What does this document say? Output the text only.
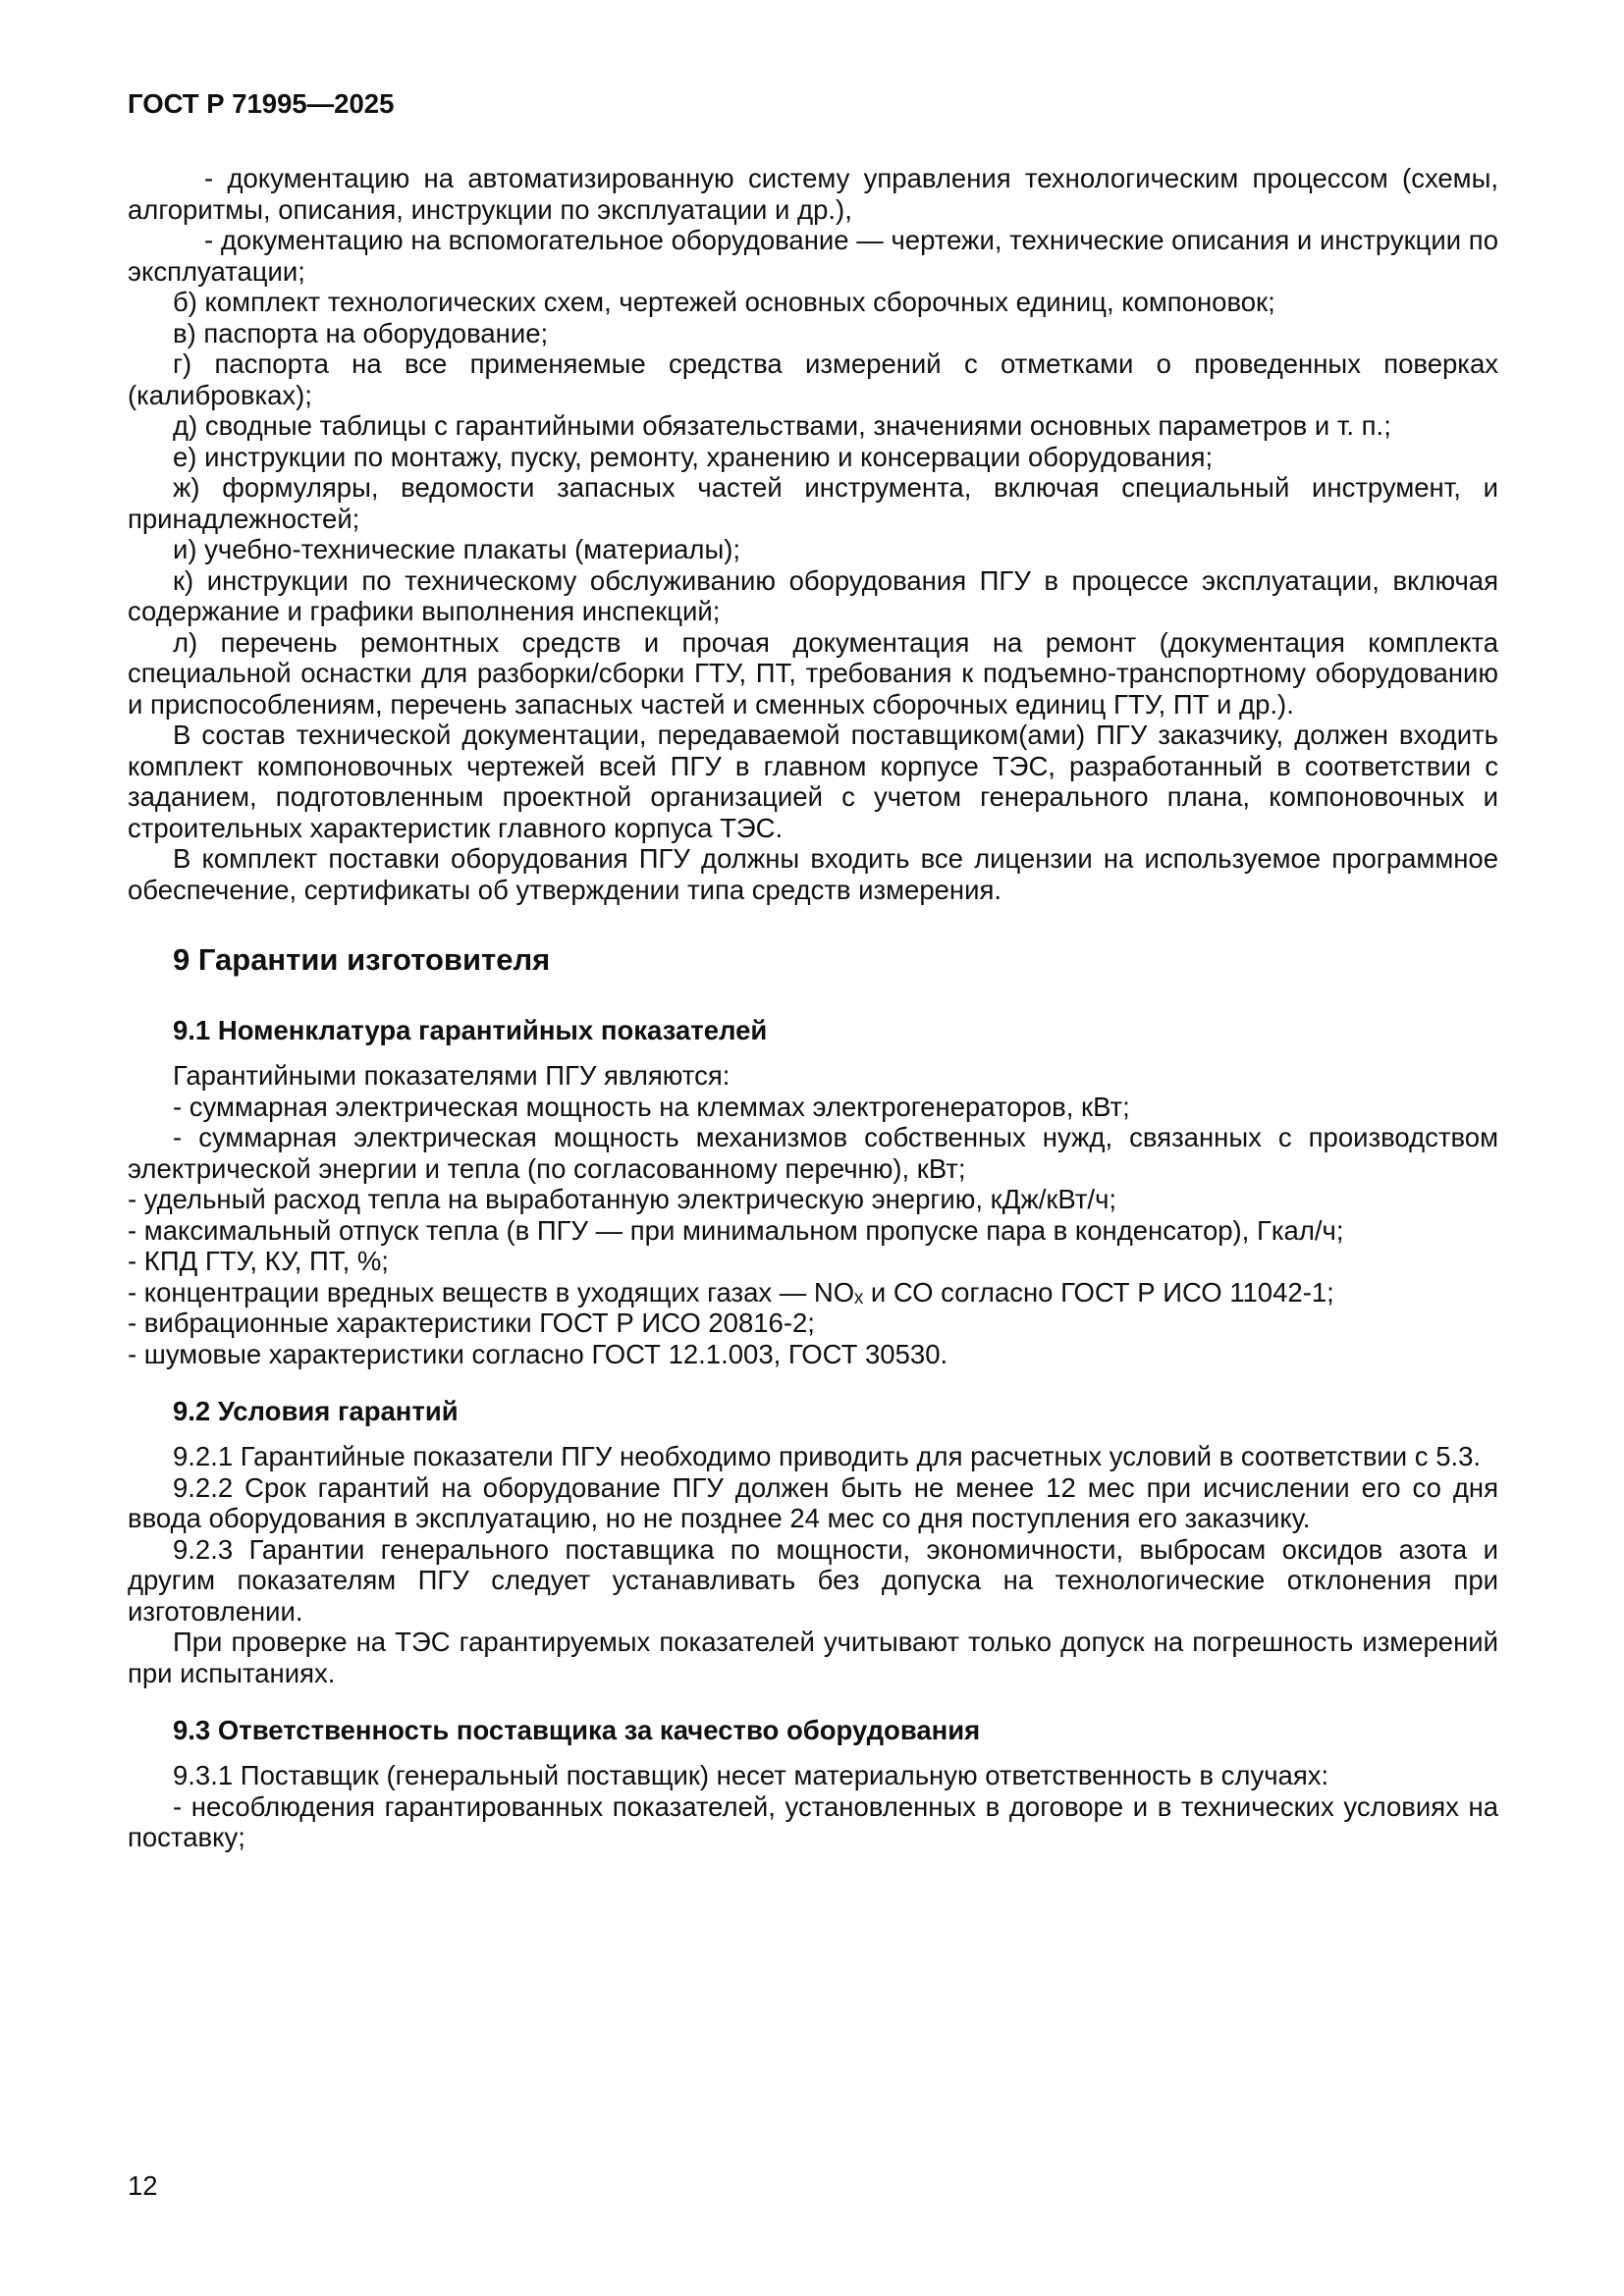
ГОСТ Р 71995—2025

- документацию на автоматизированную систему управления технологическим процессом (схемы, алгоритмы, описания, инструкции по эксплуатации и др.),

- документацию на вспомогательное оборудование — чертежи, технические описания и инструкции по эксплуатации;

б) комплект технологических схем, чертежей основных сборочных единиц, компоновок;

в) паспорта на оборудование;

г) паспорта на все применяемые средства измерений с отметками о проведенных поверках (калибровках);

д) сводные таблицы с гарантийными обязательствами, значениями основных параметров и т. п.;

е) инструкции по монтажу, пуску, ремонту, хранению и консервации оборудования;

ж) формуляры, ведомости запасных частей инструмента, включая специальный инструмент, и принадлежностей;

и) учебно-технические плакаты (материалы);

к) инструкции по техническому обслуживанию оборудования ПГУ в процессе эксплуатации, включая содержание и графики выполнения инспекций;

л) перечень ремонтных средств и прочая документация на ремонт (документация комплекта специальной оснастки для разборки/сборки ГТУ, ПТ, требования к подъемно-транспортному оборудованию и приспособлениям, перечень запасных частей и сменных сборочных единиц ГТУ, ПТ и др.).

В состав технической документации, передаваемой поставщиком(ами) ПГУ заказчику, должен входить комплект компоновочных чертежей всей ПГУ в главном корпусе ТЭС, разработанный в соответствии с заданием, подготовленным проектной организацией с учетом генерального плана, компоновочных и строительных характеристик главного корпуса ТЭС.

В комплект поставки оборудования ПГУ должны входить все лицензии на используемое программное обеспечение, сертификаты об утверждении типа средств измерения.

9 Гарантии изготовителя

9.1 Номенклатура гарантийных показателей

Гарантийными показателями ПГУ являются:

- суммарная электрическая мощность на клеммах электрогенераторов, кВт;

- суммарная электрическая мощность механизмов собственных нужд, связанных с производством электрической энергии и тепла (по согласованному перечню), кВт;

- удельный расход тепла на выработанную электрическую энергию, кДж/кВт/ч;

- максимальный отпуск тепла (в ПГУ — при минимальном пропуске пара в конденсатор), Гкал/ч;

- КПД ГТУ, КУ, ПТ, %;

- концентрации вредных веществ в уходящих газах — NOₓ и СО согласно ГОСТ Р ИСО 11042-1;

- вибрационные характеристики ГОСТ Р ИСО 20816-2;

- шумовые характеристики согласно ГОСТ 12.1.003, ГОСТ 30530.

9.2 Условия гарантий

9.2.1 Гарантийные показатели ПГУ необходимо приводить для расчетных условий в соответствии с 5.3.

9.2.2 Срок гарантий на оборудование ПГУ должен быть не менее 12 мес при исчислении его со дня ввода оборудования в эксплуатацию, но не позднее 24 мес со дня поступления его заказчику.

9.2.3 Гарантии генерального поставщика по мощности, экономичности, выбросам оксидов азота и другим показателям ПГУ следует устанавливать без допуска на технологические отклонения при изготовлении.

При проверке на ТЭС гарантируемых показателей учитывают только допуск на погрешность измерений при испытаниях.

9.3 Ответственность поставщика за качество оборудования

9.3.1 Поставщик (генеральный поставщик) несет материальную ответственность в случаях:

- несоблюдения гарантированных показателей, установленных в договоре и в технических условиях на поставку;

12
